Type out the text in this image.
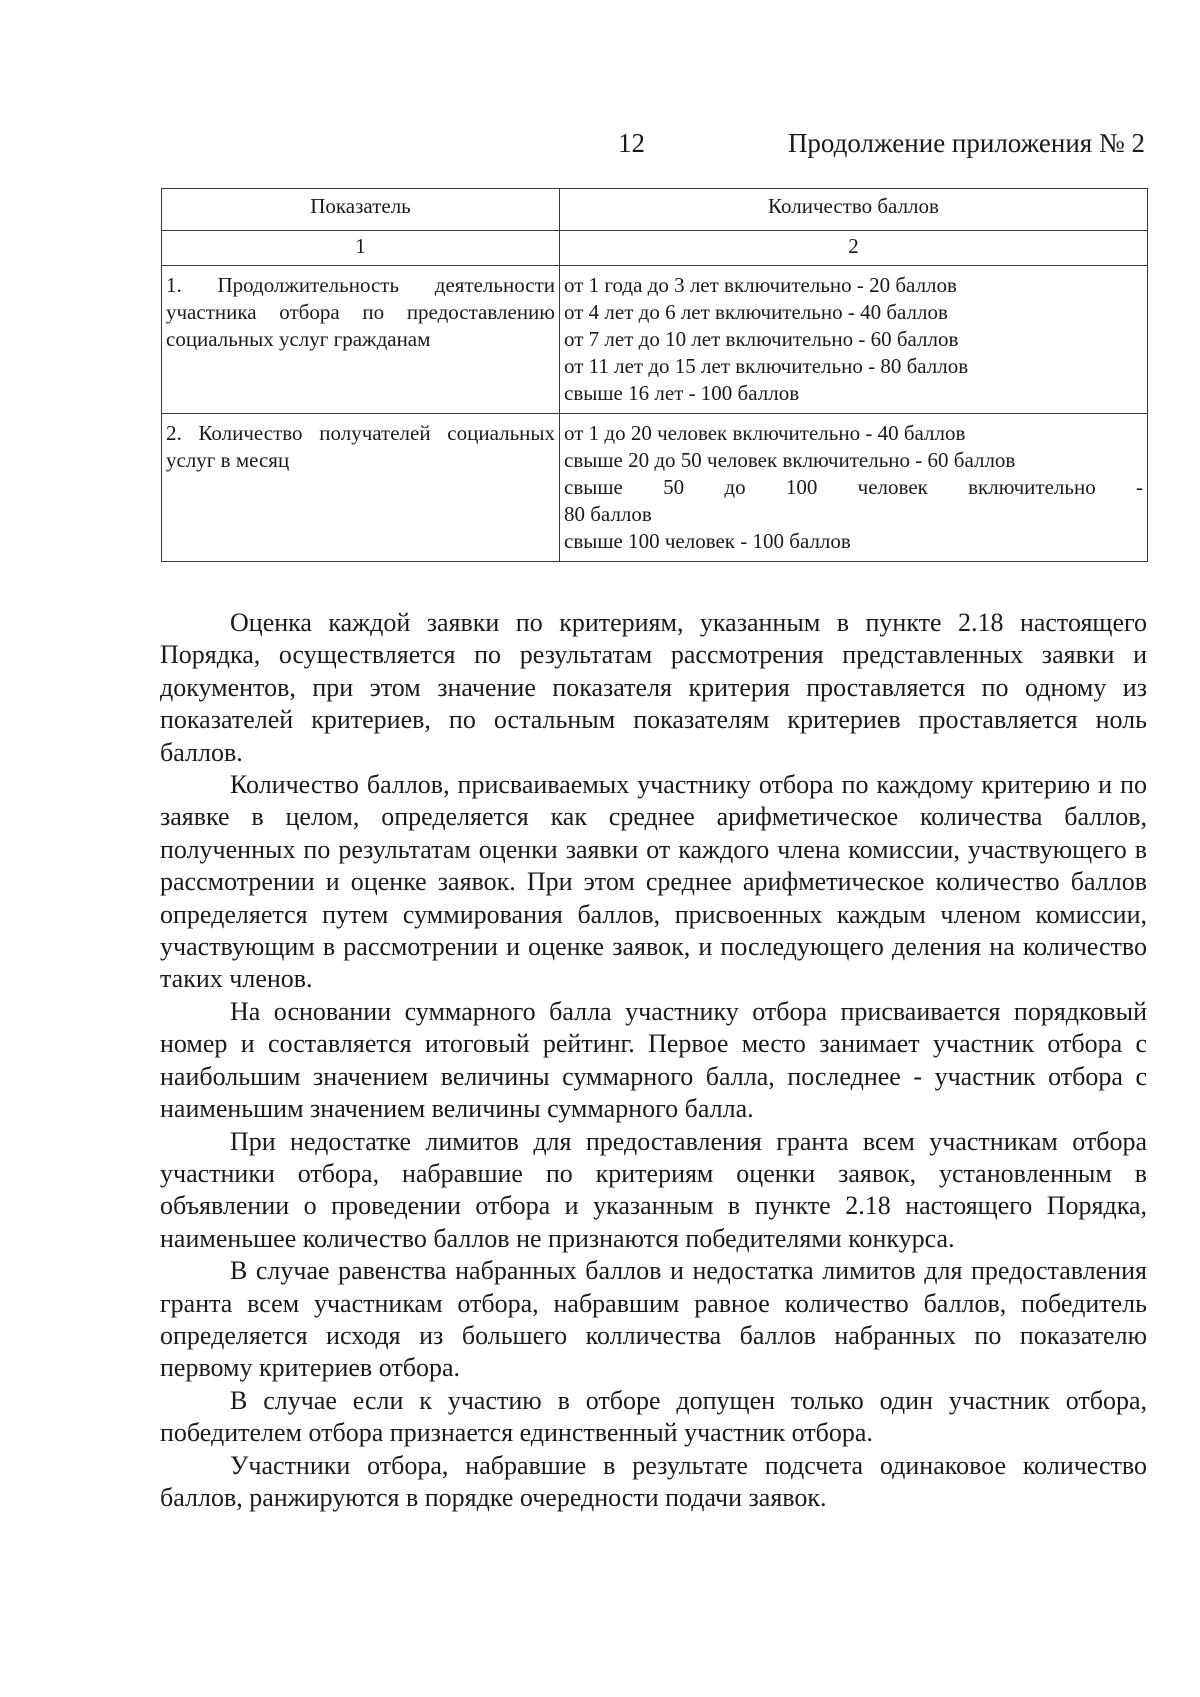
12	Продолжение приложения № 2
Показатель	Количество баллов
1	2
1. Продолжительность деятельности участника отбора по предоставлению социальных услуг гражданам	от 1 года до 3 лет включительно - 20 баллов
от 4 лет до 6 лет включительно - 40 баллов
от 7 лет до 10 лет включительно - 60 баллов
от 11 лет до 15 лет включительно - 80 баллов
свыше 16 лет - 100 баллов

2. Количество получателей социальных услуг в месяц	от 1 до 20 человек включительно - 40 баллов
свыше 20 до 50 человек включительно - 60 баллов
свыше 50 до 100 человек включительно -
80 баллов
свыше 100 человек - 100 баллов

Оценка каждой заявки по критериям, указанным в пункте 2.18 настоящего Порядка, осуществляется по результатам рассмотрения представленных заявки и документов, при этом значение показателя критерия проставляется по одному из показателей критериев, по остальным показателям критериев проставляется ноль баллов.

Количество баллов, присваиваемых участнику отбора по каждому критерию и по заявке в целом, определяется как среднее арифметическое количества баллов, полученных по результатам оценки заявки от каждого члена комиссии, участвующего в рассмотрении и оценке заявок. При этом среднее арифметическое количество баллов определяется путем суммирования баллов, присвоенных каждым членом комиссии, участвующим в рассмотрении и оценке заявок, и последующего деления на количество таких членов.

На основании суммарного балла участнику отбора присваивается порядковый номер и составляется итоговый рейтинг. Первое место занимает участник отбора с наибольшим значением величины суммарного балла, последнее - участник отбора с наименьшим значением величины суммарного балла.

При недостатке лимитов для предоставления гранта всем участникам отбора участники отбора, набравшие по критериям оценки заявок, установленным в объявлении о проведении отбора и указанным в пункте 2.18 настоящего Порядка, наименьшее количество баллов не признаются победителями конкурса.

В случае равенства набранных баллов и недостатка лимитов для предоставления гранта всем участникам отбора, набравшим равное количество баллов, победитель определяется исходя из большего колличества баллов набранных по показателю первому критериев отбора.

В случае если к участию в отборе допущен только один участник отбора, победителем отбора признается единственный участник отбора.

Участники отбора, набравшие в результате подсчета одинаковое количество баллов, ранжируются в порядке очередности подачи заявок.
